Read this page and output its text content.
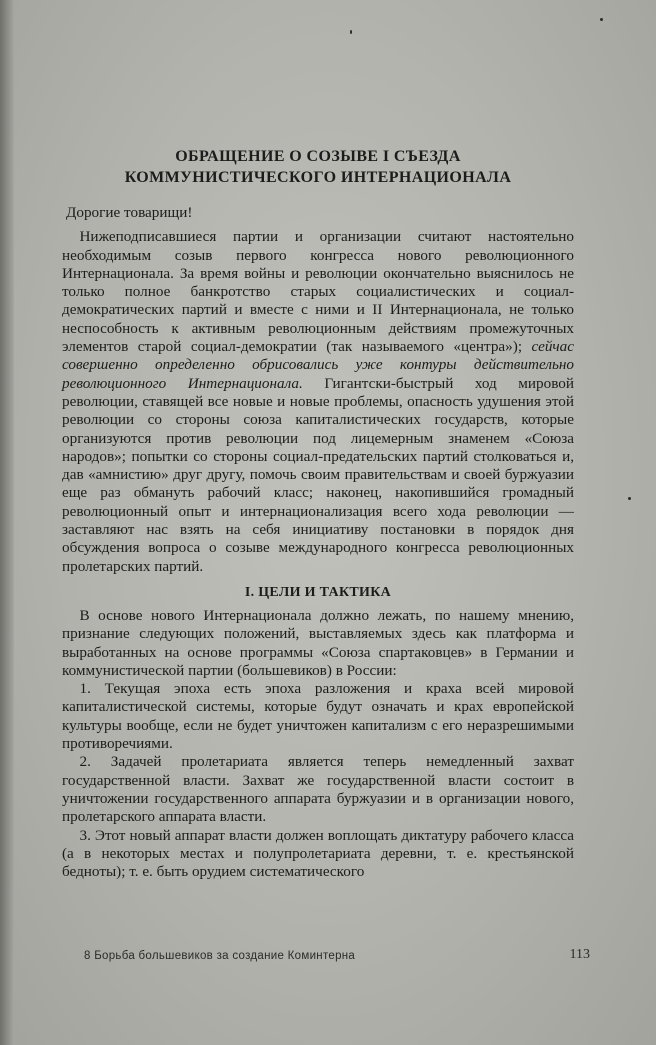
ОБРАЩЕНИЕ О СОЗЫВЕ I СЪЕЗДА
КОММУНИСТИЧЕСКОГО ИНТЕРНАЦИОНАЛА

Дорогие товарищи!

Нижеподписавшиеся партии и организации считают настоятельно необходимым созыв первого конгресса нового революционного Интернационала. За время войны и революции окончательно выяснилось не только полное банкротство старых социалистических и социал-демократических партий и вместе с ними и II Интернационала, не только неспособность к активным революционным действиям промежуточных элементов старой социал-демократии (так называемого «центра»); сейчас совершенно определенно обрисовались уже контуры действительно революционного Интернационала. Гигантски-быстрый ход мировой революции, ставящей все новые и новые проблемы, опасность удушения этой революции со стороны союза капиталистических государств, которые организуются против революции под лицемерным знаменем «Союза народов»; попытки со стороны социал-предательских партий столковаться и, дав «амнистию» друг другу, помочь своим правительствам и своей буржуазии еще раз обмануть рабочий класс; наконец, накопившийся громадный революционный опыт и интернационализация всего хода революции — заставляют нас взять на себя инициативу постановки в порядок дня обсуждения вопроса о созыве международного конгресса революционных пролетарских партий.

I. ЦЕЛИ И ТАКТИКА

В основе нового Интернационала должно лежать, по нашему мнению, признание следующих положений, выставляемых здесь как платформа и выработанных на основе программы «Союза спартаковцев» в Германии и коммунистической партии (большевиков) в России:

1. Текущая эпоха есть эпоха разложения и краха всей мировой капиталистической системы, которые будут означать и крах европейской культуры вообще, если не будет уничтожен капитализм с его неразрешимыми противоречиями.

2. Задачей пролетариата является теперь немедленный захват государственной власти. Захват же государственной власти состоит в уничтожении государственного аппарата буржуазии и в организации нового, пролетарского аппарата власти.

3. Этот новый аппарат власти должен воплощать диктатуру рабочего класса (а в некоторых местах и полупролетариата деревни, т. е. крестьянской бедноты); т. е. быть орудием систематического

8 Борьба большевиков за создание Коминтерна	113
